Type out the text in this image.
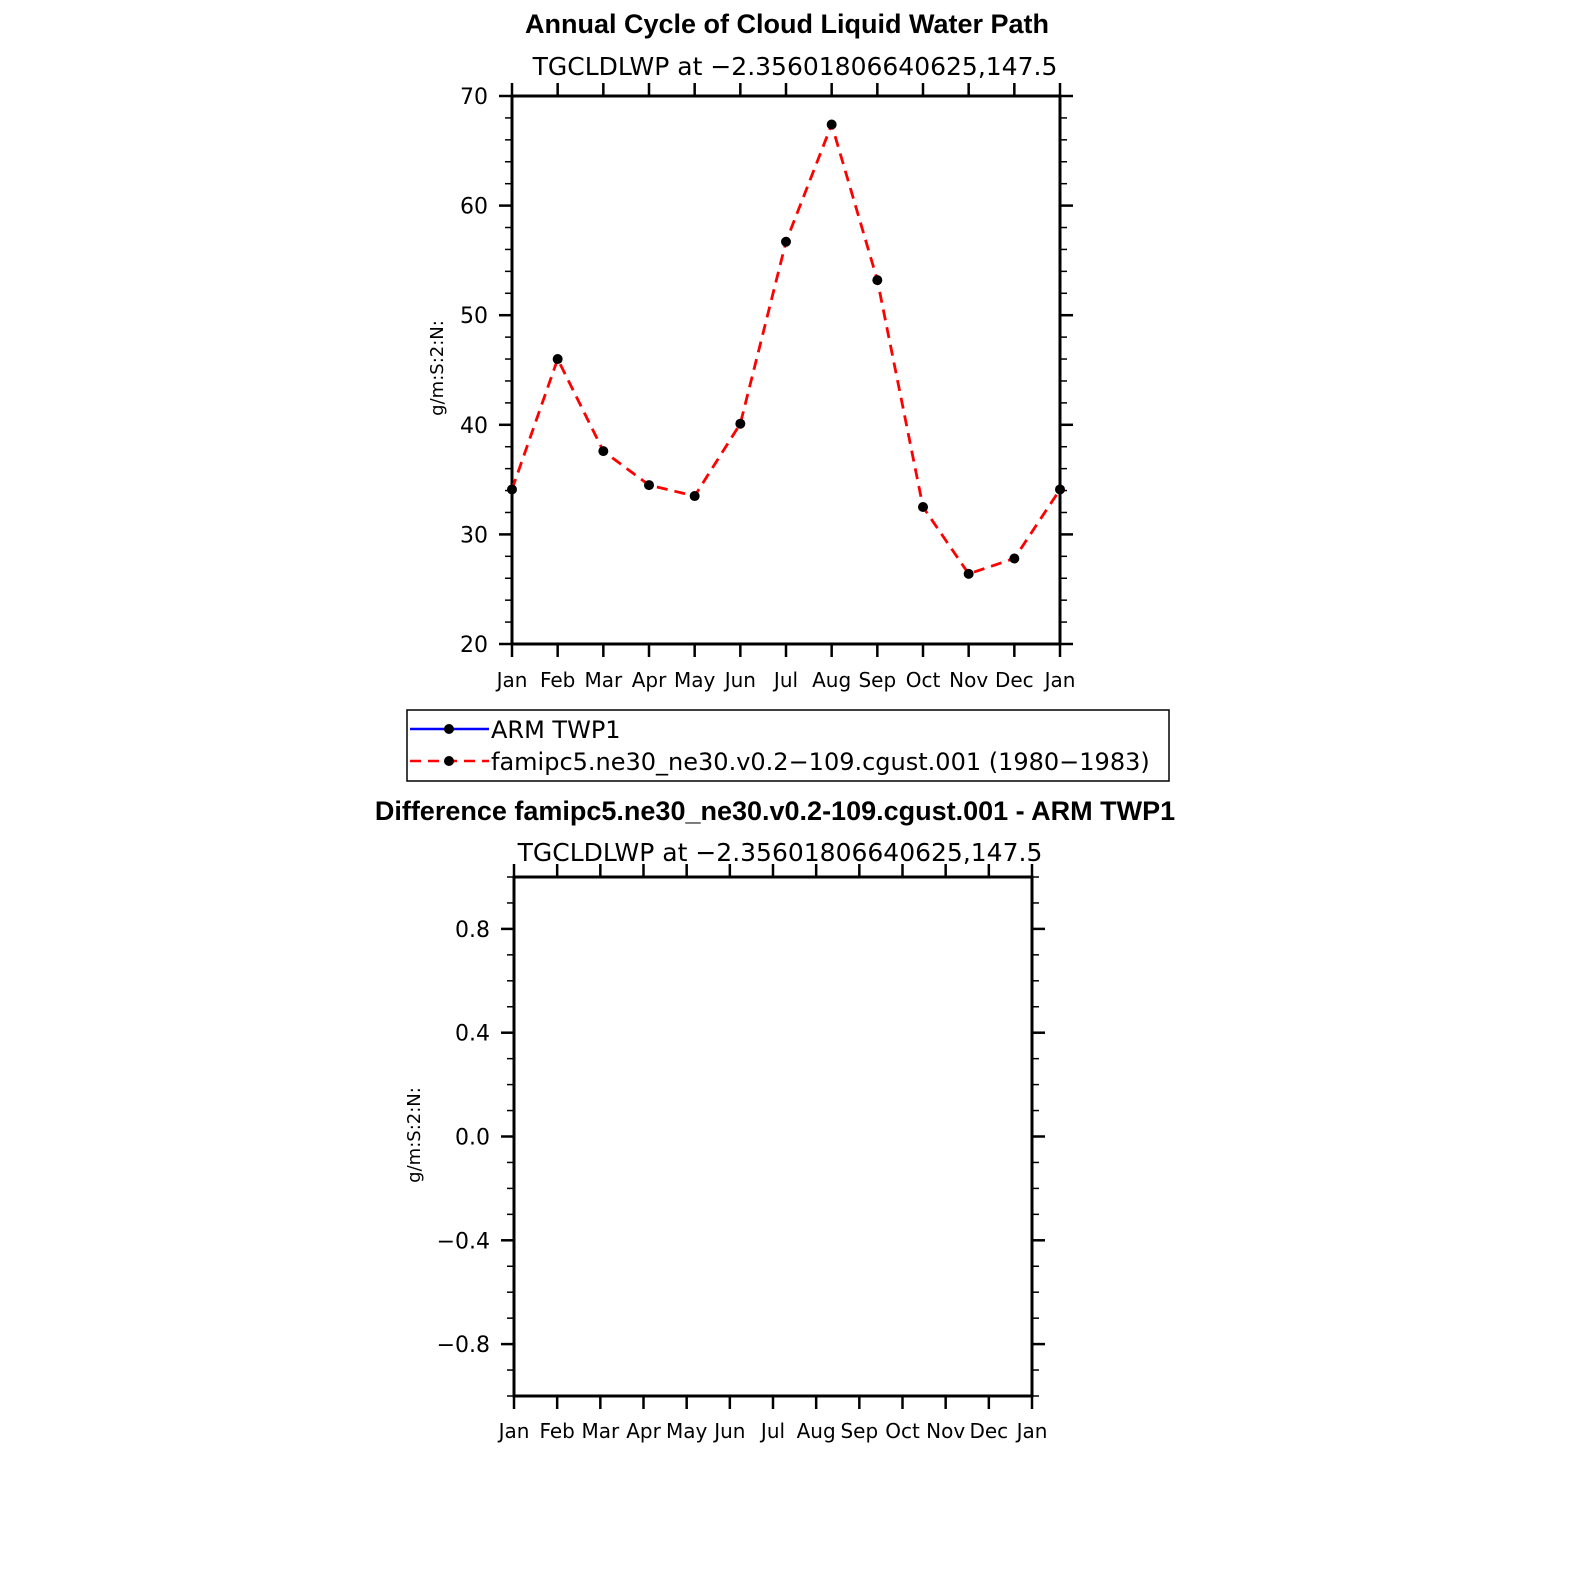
Annual Cycle of Cloud Liquid Water Path
TGCLDLWP at −2.35601806640625,147.5
g/m:S:2:N:
20
30
40
50
60
70
Jan Feb Mar Apr May Jun Jul Aug Sep Oct Nov Dec Jan
ARM TWP1
famipc5.ne30_ne30.v0.2−109.cgust.001 (1980−1983)
Difference famipc5.ne30_ne30.v0.2-109.cgust.001 - ARM TWP1
TGCLDLWP at −2.35601806640625,147.5
g/m:S:2:N:
−0.8
−0.4
0.0
0.4
0.8
Jan Feb Mar Apr May Jun Jul Aug Sep Oct Nov Dec Jan
